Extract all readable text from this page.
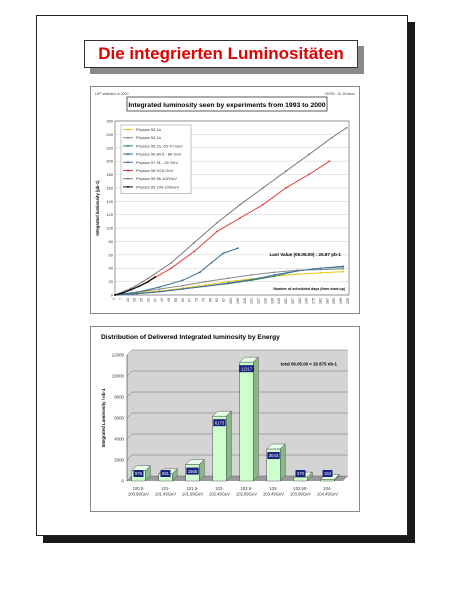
Die integrierten Luminositäten
LEP statistics in 2000	CERN - SL Division
Integrated luminosity seen by experiments from 1993 to 2000
0
20
40
60
80
100
120
140
160
180
200
220
240
260
1 7 13 19 25 31 37 43 49 55 61 67 73 79 85 91 97 103 109 115 121 127 133 139 145 151 157 163 169 175 181 187 193 199 205
Integrated luminosity (pb-1)
Number of scheduled days (from start-up)
Last Value (06.05.00) : 26.87 pb-1
Physics 93 Zo
Physics 94 Zo
Physics 95 Zo, 65-70 GeV
Physics 96 80.5 - 86 GeV
Physics 97 91 - 92 GeV
Physics 98 94.6 GeV
Physics 99 96-102GeV
Physics 00 100-103GeV
Distribution of Delivered Integrated luminosity by Energy
0
2000
4000
6000
8000
10000
12000
Integrated Luminosity / nb-1
total 06.05.00 = 26 875 nb-1
976
100.0-
100.99GeV
681
101-
101.49GeV
1565
101.5-
101.99GeV
6173
102-
102.49GeV
11317
102.5-
102.99GeV
3043
103-
103.49GeV
370
103.50-
103.99GeV
153
104-
104.49GeV
